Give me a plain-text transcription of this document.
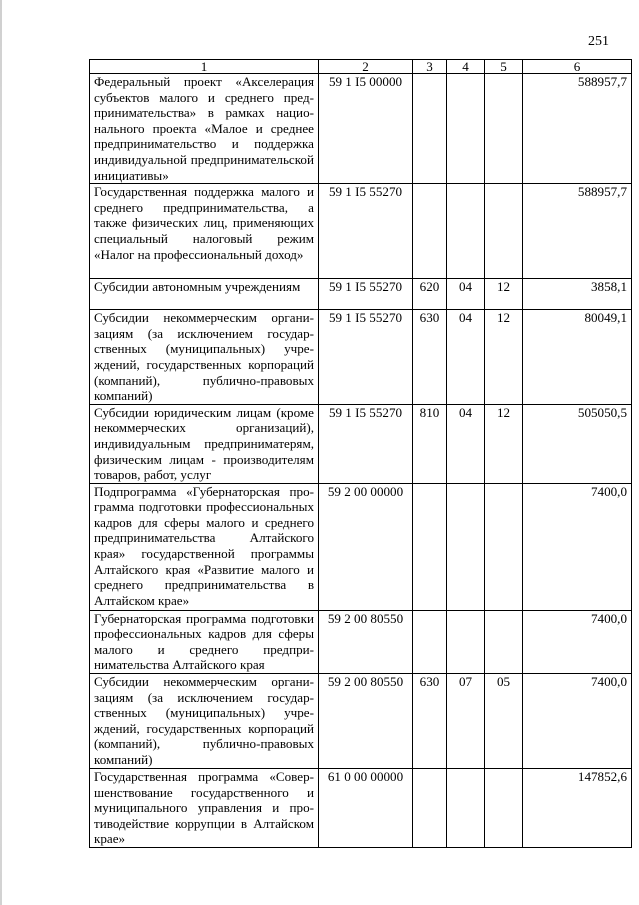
251
1	2	3	4	5	6
Федеральный проект «Акселерация субъектов малого и среднего предпринимательства» в рамках национального проекта «Малое и среднее предпринимательство и поддержка индивидуальной предпринимательской инициативы»	59 1 I5 00000				588957,7
Государственная поддержка малого и среднего предпринимательства, а также физических лиц, применяющих специальный налоговый режим «Налог на профессиональный доход»	59 1 I5 55270				588957,7
Субсидии автономным учреждениям	59 1 I5 55270	620	04	12	3858,1
Субсидии некоммерческим организациям (за исключением государственных (муниципальных) учреждений, государственных корпораций (компаний), публично-правовых компаний)	59 1 I5 55270	630	04	12	80049,1
Субсидии юридическим лицам (кроме некоммерческих организаций), индивидуальным предприниматерям, физическим лицам - производителям товаров, работ, услуг	59 1 I5 55270	810	04	12	505050,5
Подпрограмма «Губернаторская программа подготовки профессиональных кадров для сферы малого и среднего предпринимательства Алтайского края» государственной программы Алтайского края «Развитие малого и среднего предпринимательства в Алтайском крае»	59 2 00 00000				7400,0
Губернаторская программа подготовки профессиональных кадров для сферы малого и среднего предпринимательства Алтайского края	59 2 00 80550				7400,0
Субсидии некоммерческим организациям (за исключением государственных (муниципальных) учреждений, государственных корпораций (компаний), публично-правовых компаний)	59 2 00 80550	630	07	05	7400,0
Государственная программа «Совершенствование государственного и муниципального управления и противодействие коррупции в Алтайском крае»	61 0 00 00000				147852,6
